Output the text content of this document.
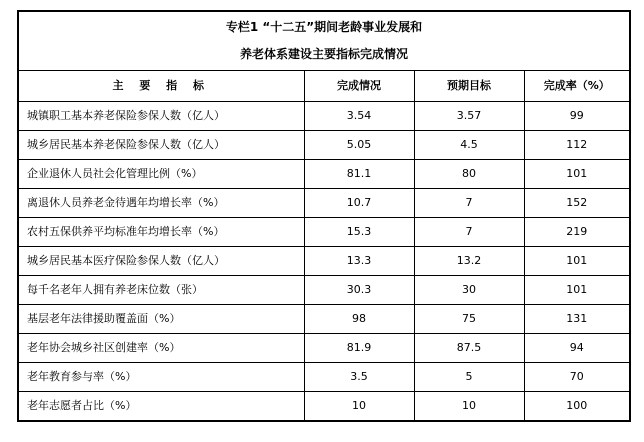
专栏1 “十二五”期间老龄事业发展和
养老体系建设主要指标完成情况			

主 要 指 标	完成情况	预期目标	完成率（%）
城镇职工基本养老保险参保人数（亿人）	3.54	3.57	99
城乡居民基本养老保险参保人数（亿人）	5.05	4.5	112
企业退休人员社会化管理比例（%）	81.1	80	101
离退休人员养老金待遇年均增长率（%）	10.7	7	152
农村五保供养平均标准年均增长率（%）	15.3	7	219
城乡居民基本医疗保险参保人数（亿人）	13.3	13.2	101
每千名老年人拥有养老床位数（张）	30.3	30	101
基层老年法律援助覆盖面（%）	98	75	131
老年协会城乡社区创建率（%）	81.9	87.5	94
老年教育参与率（%）	3.5	5	70
老年志愿者占比（%）	10	10	100
